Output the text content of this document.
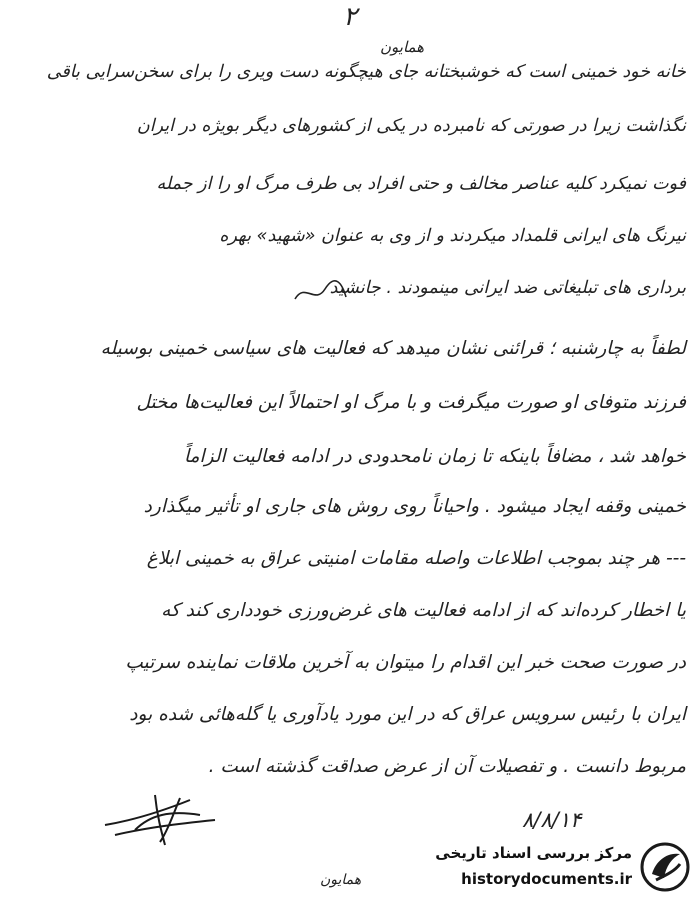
۲
همایون
خانه خود خمینی است که خوشبختانه جای هیچگونه دست ویری را برای سخن‌سرایی باقی
نگذاشت زیرا در صورتی که نا‌مبرده در یکی از کشورهای دیگر بویژه در ایران
فوت نمیکرد کلیه عناصر مخالف و حتی افراد بی طرف مرگ او را از جمله
نیرنگ های ایرانی قلمداد میکردند و از وی به عنوان «شهید» بهره
برداری های تبلیغاتی ضد ایرانی مینمودند . جانشید
لطفاً به چارشنبه ؛ قرائنی نشان میدهد که فعالیت های سیاسی خمینی بوسیله
فرزند متوفای او صورت میگرفت و با مرگ او احتمالاً این فعالیت‌ها مختل
خواهد شد ، مضافاً باینکه تا زمان نامحدودی در ادامه فعالیت‌ الزاماً
خمینی وقفه ایجاد میشود . واحیاناً روی روش های جاری او تأثیر میگذارد
--- هر چند بموجب اطلاعات واصله مقامات امنیتی عراق به خمینی ابلاغ
یا اخطار کرده‌اند که از ادامه فعالیت های غرض‌ورزی خودداری کند که
در صورت صحت خبر این اقدام را میتوان به آخرین ملاقات نماینده سرتیپ
ایران با رئیس سرویس عراق که در این مورد یادآوری یا گله‌هائی شده بود
مربوط دانست . و تفصیلات آن از عرض صداقت گذشته است .
۸/۸/۱۴
همایون
مرکز بررسی اسناد تاریخی
historydocuments.ir
